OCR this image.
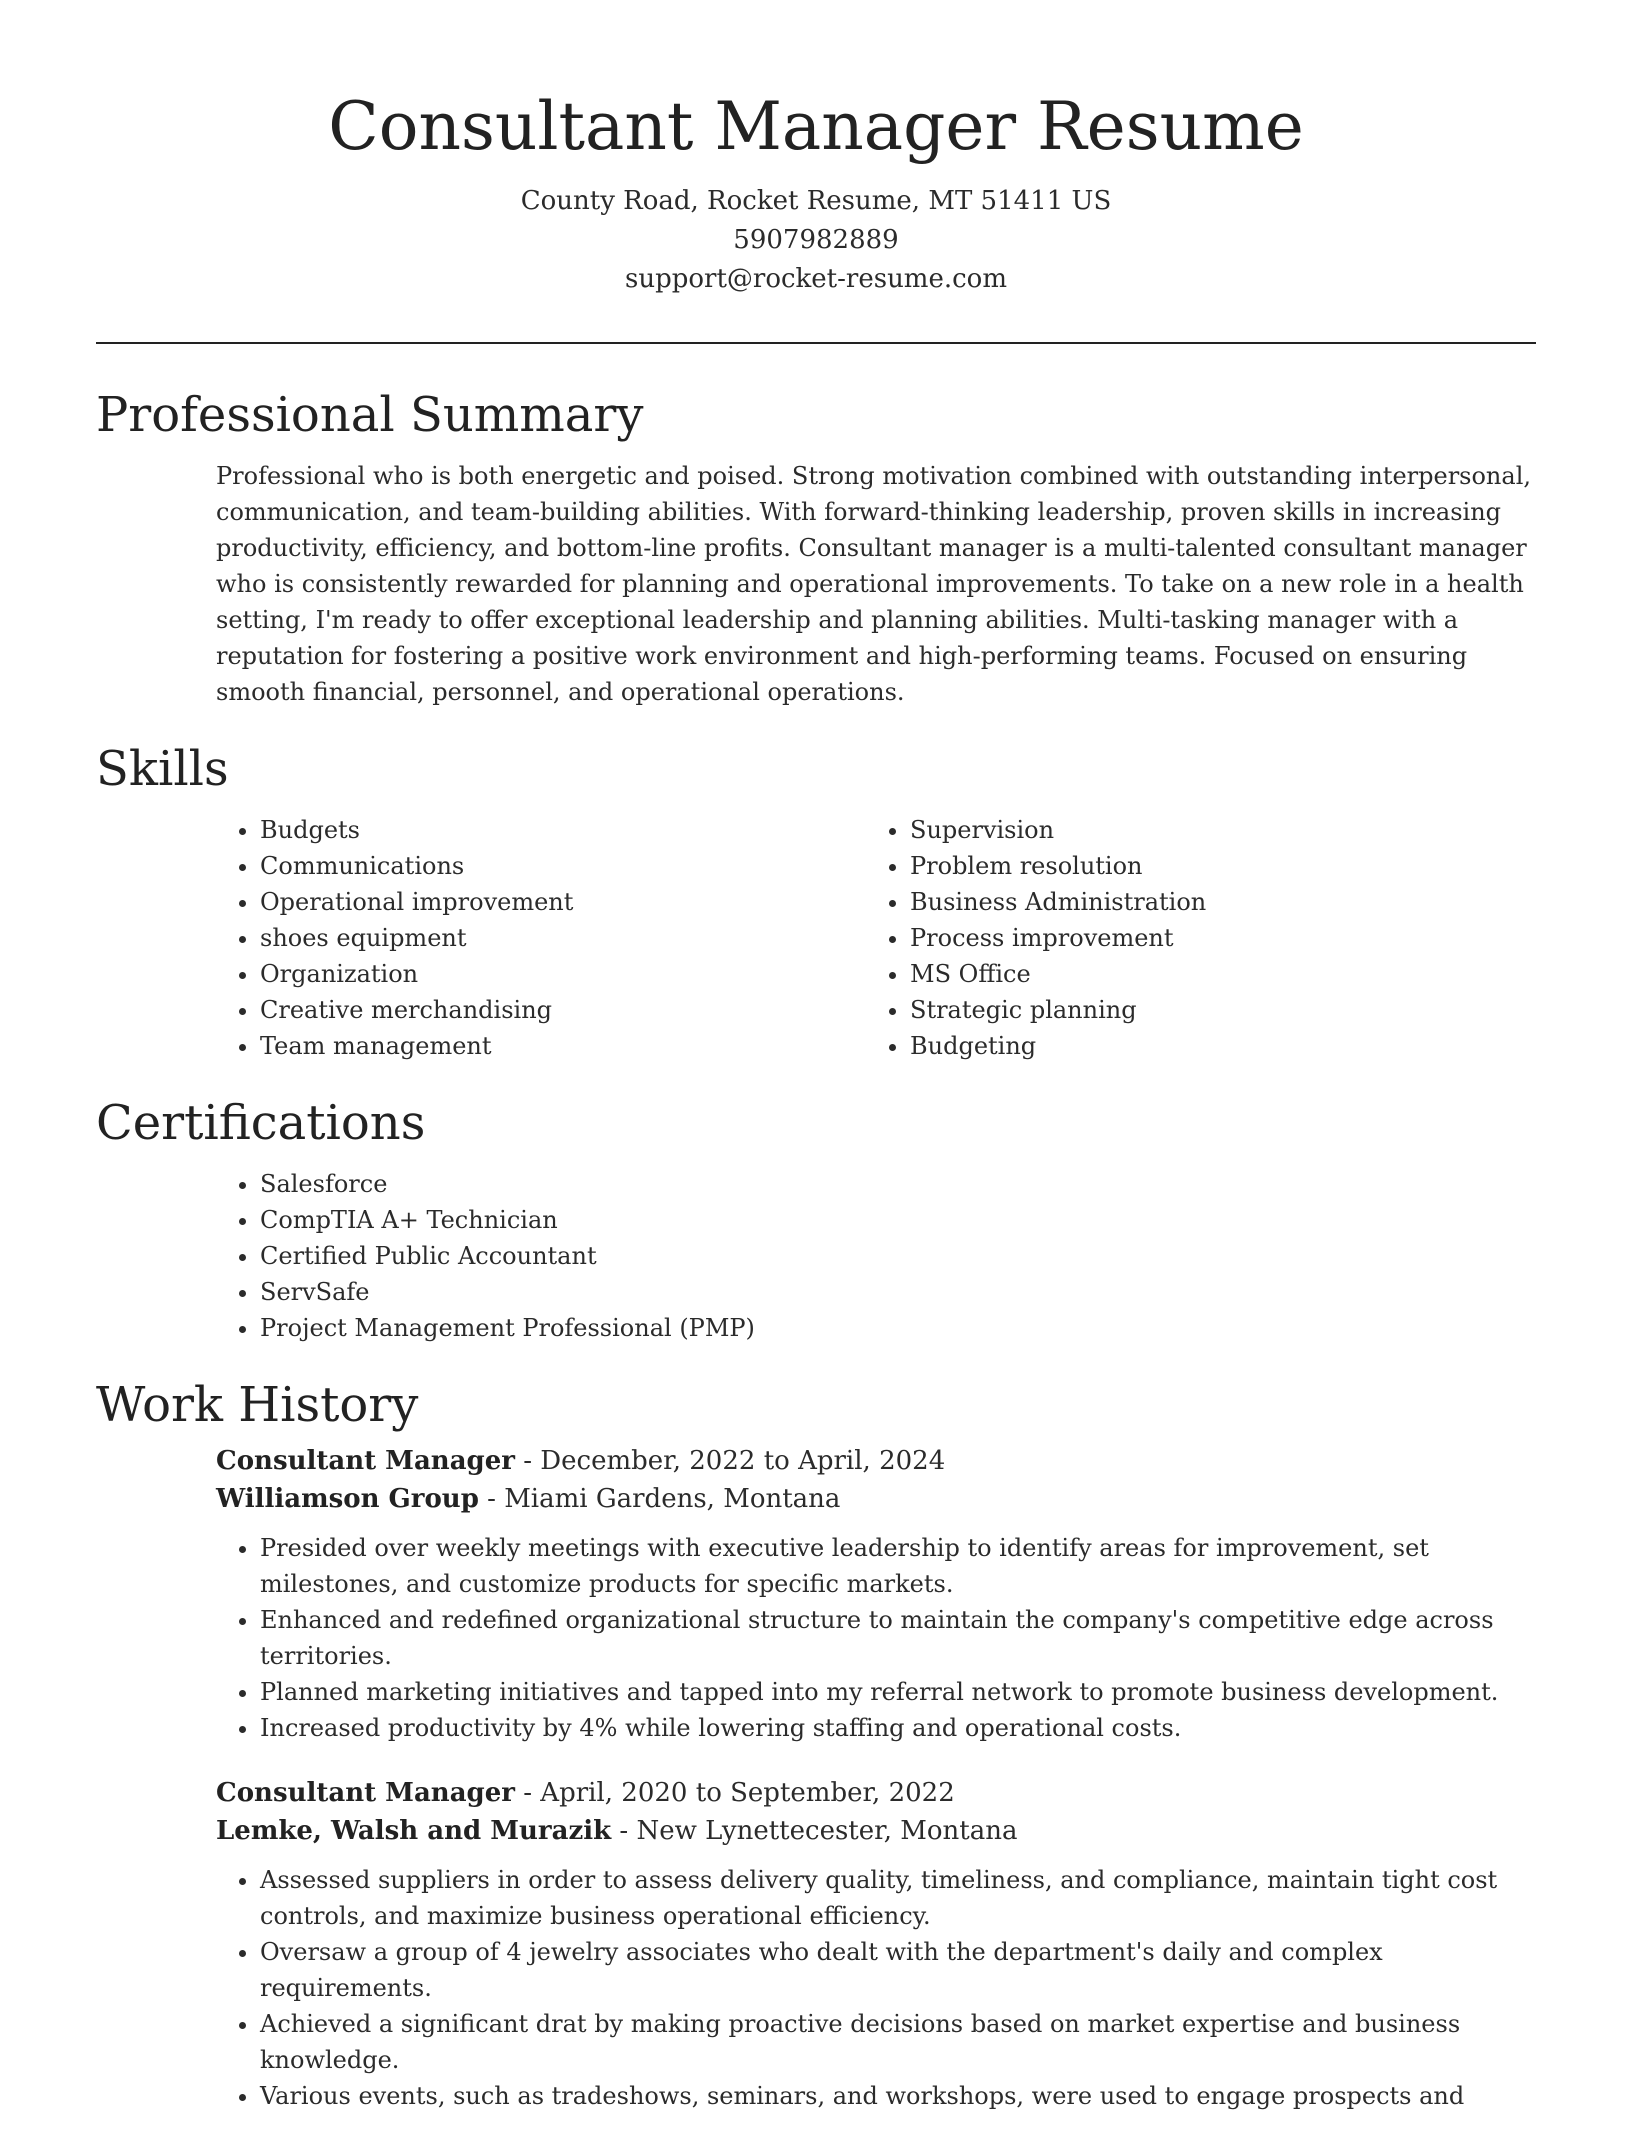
Consultant Manager Resume
County Road, Rocket Resume, MT 51411 US
5907982889
support@rocket-resume.com
Professional Summary

Professional who is both energetic and poised. Strong motivation combined with outstanding interpersonal, communication, and team-building abilities. With forward-thinking leadership, proven skills in increasing productivity, efficiency, and bottom-line profits. Consultant manager is a multi-talented consultant manager who is consistently rewarded for planning and operational improvements. To take on a new role in a health setting, I'm ready to offer exceptional leadership and planning abilities. Multi-tasking manager with a reputation for fostering a positive work environment and high-performing teams. Focused on ensuring smooth financial, personnel, and operational operations.

Skills
• Budgets
• Communications
• Operational improvement
• shoes equipment
• Organization
• Creative merchandising
• Team management
• Supervision
• Problem resolution
• Business Administration
• Process improvement
• MS Office
• Strategic planning
• Budgeting
Certifications
• Salesforce
• CompTIA A+ Technician
• Certified Public Accountant
• ServSafe
• Project Management Professional (PMP)
Work History
Consultant Manager - December, 2022 to April, 2024
Williamson Group - Miami Gardens, Montana
• Presided over weekly meetings with executive leadership to identify areas for improvement, set milestones, and customize products for specific markets.
• Enhanced and redefined organizational structure to maintain the company's competitive edge across territories.
• Planned marketing initiatives and tapped into my referral network to promote business development.
• Increased productivity by 4% while lowering staffing and operational costs.
Consultant Manager - April, 2020 to September, 2022
Lemke, Walsh and Murazik - New Lynettecester, Montana
• Assessed suppliers in order to assess delivery quality, timeliness, and compliance, maintain tight cost controls, and maximize business operational efficiency.
• Oversaw a group of 4 jewelry associates who dealt with the department's daily and complex requirements.
• Achieved a significant drat by making proactive decisions based on market expertise and business knowledge.
• Various events, such as tradeshows, seminars, and workshops, were used to engage prospects and
